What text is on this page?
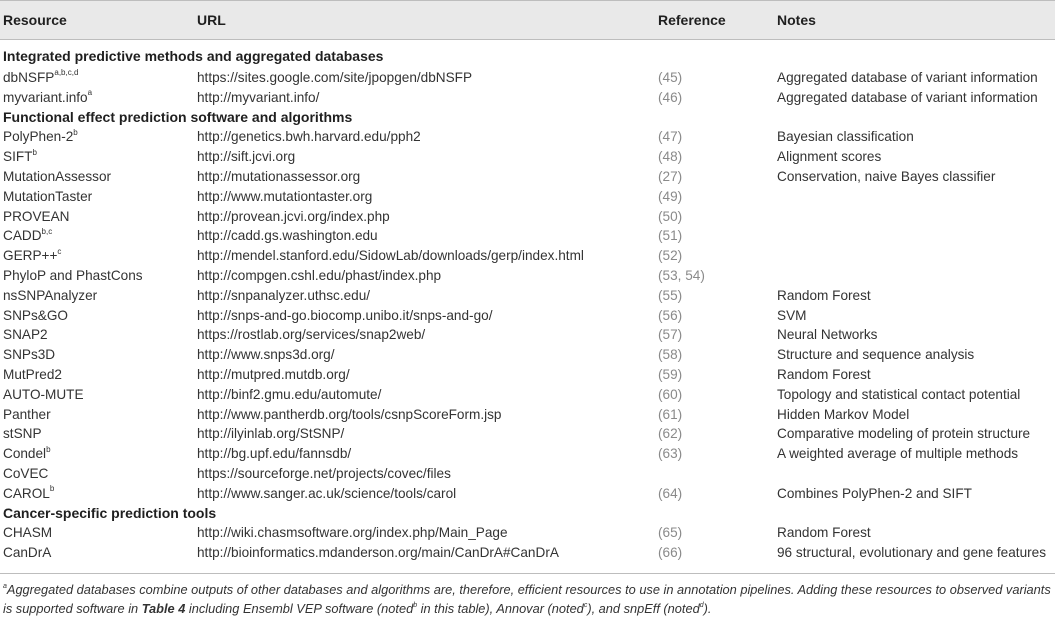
Resource	URL	Reference	Notes
Integrated predictive methods and aggregated databases			
dbNSFP$^{a,b,c,d}$	https://sites.google.com/site/jpopgen/dbNSFP	(45)	Aggregated database of variant information
myvariant.info$^a$	http://myvariant.info/	(46)	Aggregated database of variant information
Functional effect prediction software and algorithms			
PolyPhen-2$^b$	http://genetics.bwh.harvard.edu/pph2	(47)	Bayesian classification
SIFT$^b$	http://sift.jcvi.org	(48)	Alignment scores
MutationAssessor	http://mutationassessor.org	(27)	Conservation, naive Bayes classifier
MutationTaster	http://www.mutationtaster.org	(49)	
PROVEAN	http://provean.jcvi.org/index.php	(50)	
CADD$^{b,c}$	http://cadd.gs.washington.edu	(51)	
GERP++$^c$	http://mendel.stanford.edu/SidowLab/downloads/gerp/index.html	(52)	
PhyloP and PhastCons	http://compgen.cshl.edu/phast/index.php	(53, 54)	
nsSNPAnalyzer	http://snpanalyzer.uthsc.edu/	(55)	Random Forest
SNPs&GO	http://snps-and-go.biocomp.unibo.it/snps-and-go/	(56)	SVM
SNAP2	https://rostlab.org/services/snap2web/	(57)	Neural Networks
SNPs3D	http://www.snps3d.org/	(58)	Structure and sequence analysis
MutPred2	http://mutpred.mutdb.org/	(59)	Random Forest
AUTO-MUTE	http://binf2.gmu.edu/automute/	(60)	Topology and statistical contact potential
Panther	http://www.pantherdb.org/tools/csnpScoreForm.jsp	(61)	Hidden Markov Model
stSNP	http://ilyinlab.org/StSNP/	(62)	Comparative modeling of protein structure
Condel$^b$	http://bg.upf.edu/fannsdb/	(63)	A weighted average of multiple methods
CoVEC	https://sourceforge.net/projects/covec/files		
CAROL$^b$	http://www.sanger.ac.uk/science/tools/carol	(64)	Combines PolyPhen-2 and SIFT
Cancer-specific prediction tools			
CHASM	http://wiki.chasmsoftware.org/index.php/Main_Page	(65)	Random Forest
CanDrA	http://bioinformatics.mdanderson.org/main/CanDrA#CanDrA	(66)	96 structural, evolutionary and gene features
$^a$Aggregated databases combine outputs of other databases and algorithms are, therefore, efficient resources to use in annotation pipelines. Adding these resources to observed variants is supported software in Table 4 including Ensembl VEP software (noted$^b$ in this table), Annovar (noted$^c$), and snpEff (noted$^d$).
